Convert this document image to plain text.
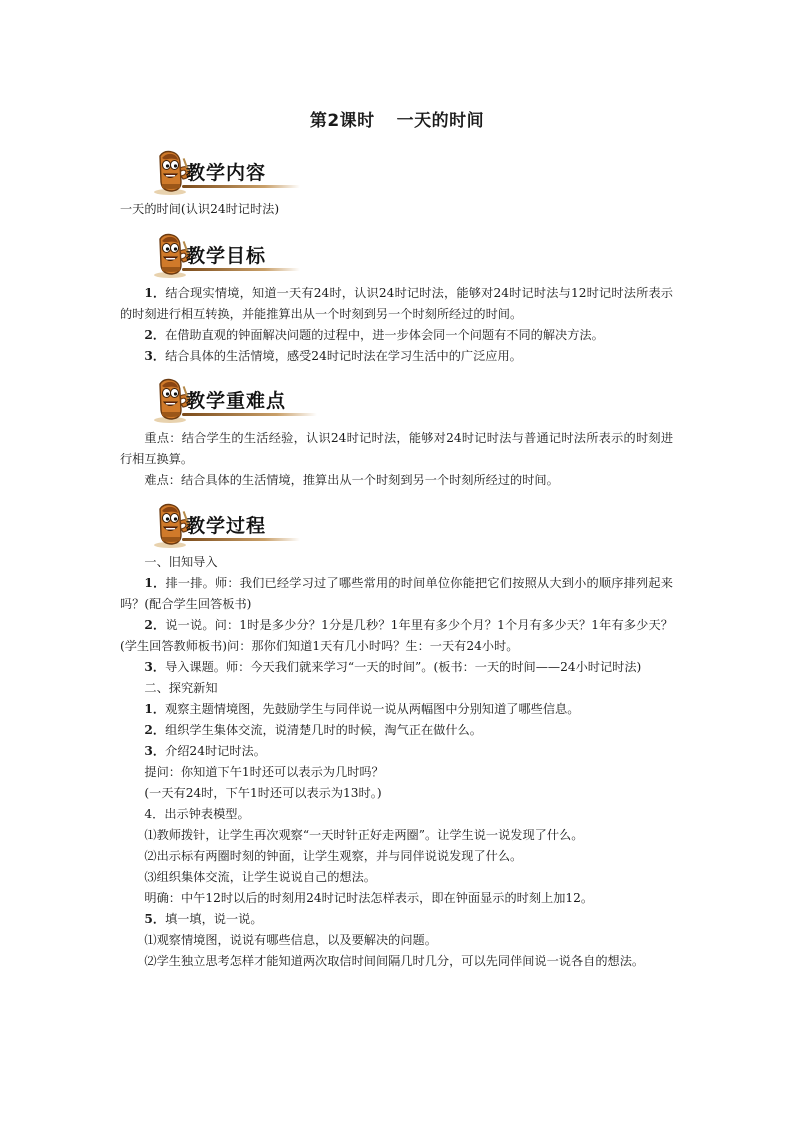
第2课时 一天的时间
教学内容

一天的时间(认识24时记时法)

教学目标

1．结合现实情境，知道一天有24时，认识24时记时法，能够对24时记时法与12时记时法所表示的时刻进行相互转换，并能推算出从一个时刻到另一个时刻所经过的时间。

2．在借助直观的钟面解决问题的过程中，进一步体会同一个问题有不同的解决方法。

3．结合具体的生活情境，感受24时记时法在学习生活中的广泛应用。

教学重难点

重点：结合学生的生活经验，认识24时记时法，能够对24时记时法与普通记时法所表示的时刻进行相互换算。

难点：结合具体的生活情境，推算出从一个时刻到另一个时刻所经过的时间。

教学过程

一、旧知导入

1．排一排。师：我们已经学习过了哪些常用的时间单位你能把它们按照从大到小的顺序排列起来吗？(配合学生回答板书)

2．说一说。问：1时是多少分？1分是几秒？1年里有多少个月？1个月有多少天？1年有多少天？(学生回答教师板书)问：那你们知道1天有几小时吗？生：一天有24小时。

3．导入课题。师：今天我们就来学习“一天的时间”。(板书：一天的时间——24小时记时法)

二、探究新知

1．观察主题情境图，先鼓励学生与同伴说一说从两幅图中分别知道了哪些信息。

2．组织学生集体交流，说清楚几时的时候，淘气正在做什么。

3．介绍24时记时法。

提问：你知道下午1时还可以表示为几时吗？

(一天有24时，下午1时还可以表示为13时。)

4．出示钟表模型。

⑴教师拨针，让学生再次观察“一天时针正好走两圈”。让学生说一说发现了什么。

⑵出示标有两圈时刻的钟面，让学生观察，并与同伴说说发现了什么。

⑶组织集体交流，让学生说说自己的想法。

明确：中午12时以后的时刻用24时记时法怎样表示，即在钟面显示的时刻上加12。

5．填一填，说一说。

⑴观察情境图，说说有哪些信息，以及要解决的问题。

⑵学生独立思考怎样才能知道两次取信时间间隔几时几分，可以先同伴间说一说各自的想法。
